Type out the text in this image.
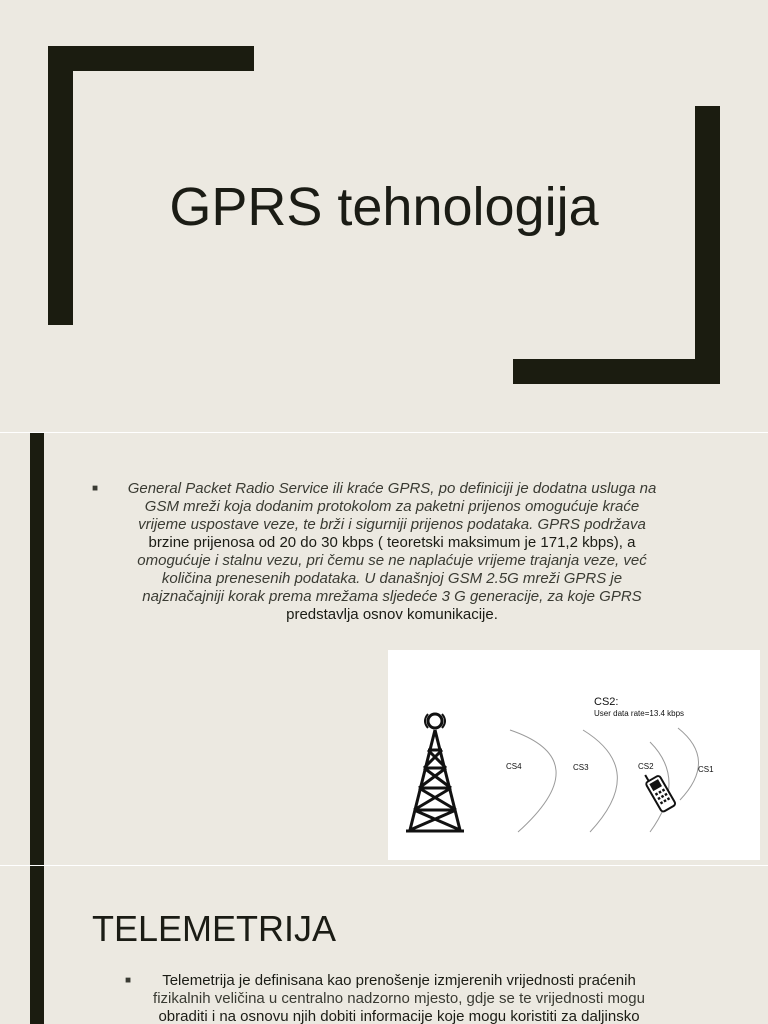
GPRS tehnologija
■	General Packet Radio Service ili kraće GPRS, po definiciji je dodatna usluga na

GSM mreži koja dodanim protokolom za paketni prijenos omogućuje kraće

vrijeme uspostave veze, te brži i sigurniji prijenos podataka. GPRS podržava

brzine prijenosa od 20 do 30 kbps ( teoretski maksimum je 171,2 kbps), a

omogućuje i stalnu vezu, pri čemu se ne naplaćuje vrijeme trajanja veze, već

količina prenesenih podataka. U današnjoj GSM 2.5G mreži GPRS je

najznačajniji korak prema mrežama sljedeće 3 G generacije, za koje GPRS

predstavlja osnov komunikacije.

CS2:
User data rate=13.4 kbps
CS4	CS3	CS2	CS1
TELEMETRIJA
■	Telemetrija je definisana kao prenošenje izmjerenih vrijednosti praćenih

fizikalnih veličina u centralno nadzorno mjesto, gdje se te vrijednosti mogu

obraditi i na osnovu njih dobiti informacije koje mogu koristiti za daljinsko
